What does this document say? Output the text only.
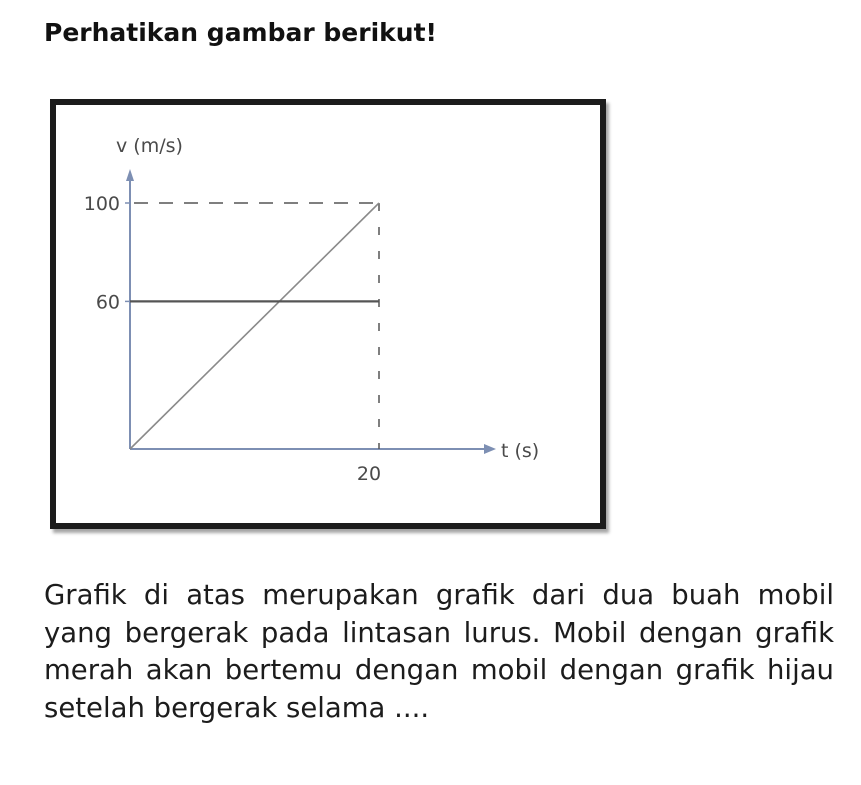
Perhatikan gambar berikut!
60
100
20
v (m/s)
t (s)
Grafik di atas merupakan grafik dari dua buah mobil yang bergerak pada lintasan lurus. Mobil dengan grafik merah akan bertemu dengan mobil dengan grafik hijau setelah bergerak selama ....
